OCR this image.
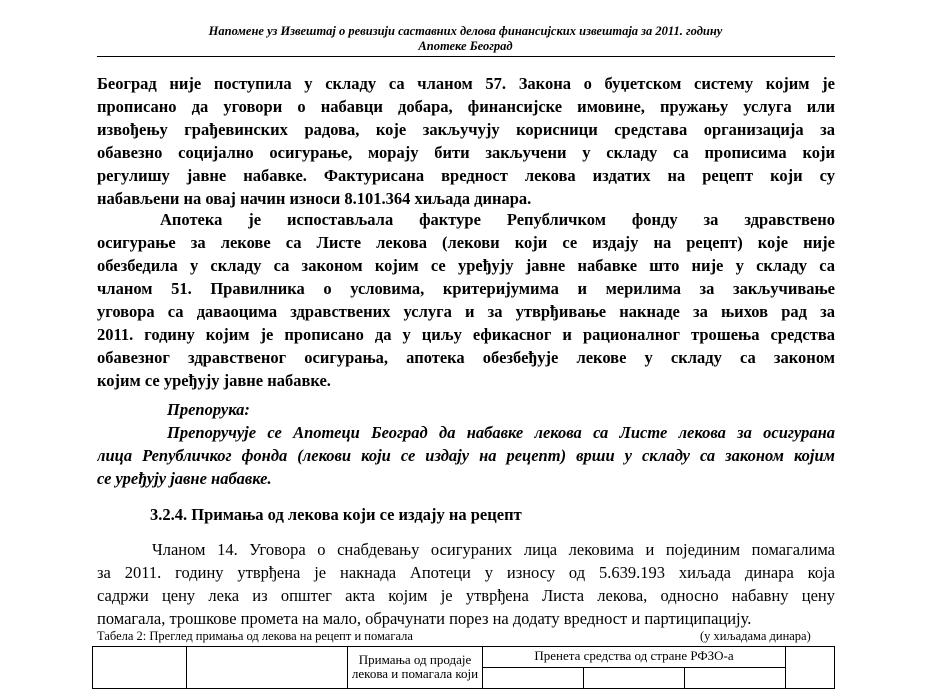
Напомене уз Извештај о ревизији саставних делова финансијских извештаја за 2011. годину
Апотеке Београд
Београд није поступила у складу са чланом 57. Закона о буџетском систему којим је
прописано да уговори о набавци добара, финансијске имовине, пружању услуга или
извођењу грађевинских радова, које закључују корисници средстава организација за
обавезно социјално осигурање, морају бити закључени у складу са прописима који
регулишу јавне набавке. Фактурисана вредност лекова издатих на рецепт који су
набављени на овај начин износи 8.101.364 хиљада динара.
Апотека је испостављала фактуре Републичком фонду за здравствено
осигурање за лекове са Листе лекова (лекови који се издају на рецепт) које није
обезбедила у складу са законом којим се уређују јавне набавке што није у складу са
чланом 51. Правилника о условима, критеријумима и мерилима за закључивање
уговора са даваоцима здравствених услуга и за утврђивање накнаде за њихов рад за
2011. годину којим је прописано да у циљу ефикасног и рационалног трошења средства
обавезног здравственог осигурања, апотека обезбеђује лекове у складу са законом
којим се уређују јавне набавке.
Препорука:
Препоручује се Апотеци Београд да набавке лекова са Листе лекова за осигурана
лица Републичког фонда (лекови који се издају на рецепт) врши у складу са законом којим
се уређују јавне набавке.
3.2.4. Примања од лекова који се издају на рецепт
Чланом 14. Уговора о снабдевању осигураних лица лековима и појединим помагалима
за 2011. годину утврђена је накнада Апотеци у износу од 5.639.193 хиљада динара која
садржи цену лека из општег акта којим је утврђена Листа лекова, односно набавну цену
помагала, трошкове промета на мало, обрачунати порез на додату вредност и партиципацију.
Табела 2: Преглед примања од лекова на рецепт и помагала	(у хиљадама динара)
		Примања од продаје лекова и помагала који	Пренета средства од стране РФЗО-а			
